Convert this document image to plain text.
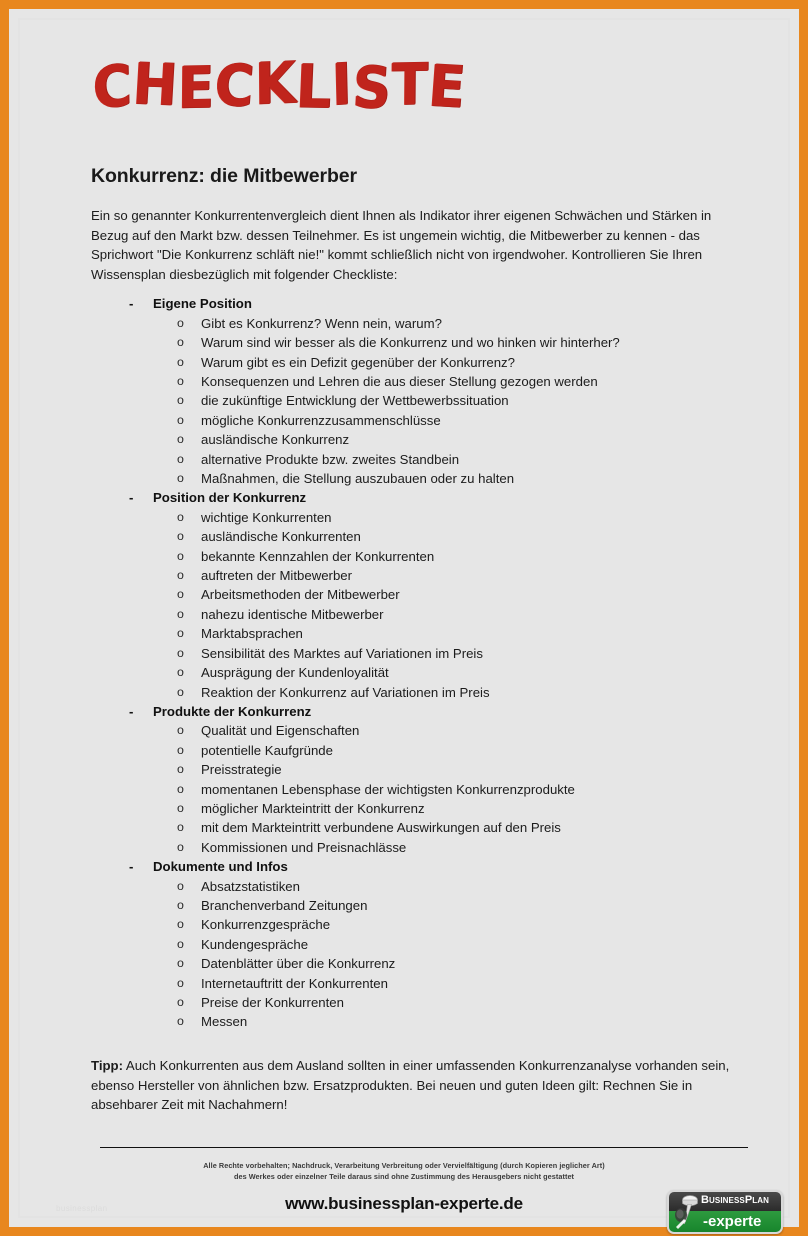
CHECKLISTE
Konkurrenz: die Mitbewerber

Ein so genannter Konkurrentenvergleich dient Ihnen als Indikator ihrer eigenen Schwächen und Stärken in Bezug auf den Markt bzw. dessen Teilnehmer. Es ist ungemein wichtig, die Mitbewerber zu kennen - das Sprichwort "Die Konkurrenz schläft nie!" kommt schließlich nicht von irgendwoher. Kontrollieren Sie Ihren Wissensplan diesbezüglich mit folgender Checkliste:

- Eigene Position
o Gibt es Konkurrenz? Wenn nein, warum?
o Warum sind wir besser als die Konkurrenz und wo hinken wir hinterher?
o Warum gibt es ein Defizit gegenüber der Konkurrenz?
o Konsequenzen und Lehren die aus dieser Stellung gezogen werden
o die zukünftige Entwicklung der Wettbewerbssituation
o mögliche Konkurrenzzusammenschlüsse
o ausländische Konkurrenz
o alternative Produkte bzw. zweites Standbein
o Maßnahmen, die Stellung auszubauen oder zu halten
- Position der Konkurrenz
o wichtige Konkurrenten
o ausländische Konkurrenten
o bekannte Kennzahlen der Konkurrenten
o auftreten der Mitbewerber
o Arbeitsmethoden der Mitbewerber
o nahezu identische Mitbewerber
o Marktabsprachen
o Sensibilität des Marktes auf Variationen im Preis
o Ausprägung der Kundenloyalität
o Reaktion der Konkurrenz auf Variationen im Preis
- Produkte der Konkurrenz
o Qualität und Eigenschaften
o potentielle Kaufgründe
o Preisstrategie
o momentanen Lebensphase der wichtigsten Konkurrenzprodukte
o möglicher Markteintritt der Konkurrenz
o mit dem Markteintritt verbundene Auswirkungen auf den Preis
o Kommissionen und Preisnachlässe
- Dokumente und Infos
o Absatzstatistiken
o Branchenverband Zeitungen
o Konkurrenzgespräche
o Kundengespräche
o Datenblätter über die Konkurrenz
o Internetauftritt der Konkurrenten
o Preise der Konkurrenten
o Messen
Tipp: Auch Konkurrenten aus dem Ausland sollten in einer umfassenden Konkurrenzanalyse vorhanden sein, ebenso Hersteller von ähnlichen bzw. Ersatzprodukten. Bei neuen und guten Ideen gilt: Rechnen Sie in absehbarer Zeit mit Nachahmern!
Alle Rechte vorbehalten; Nachdruck, Verarbeitung Verbreitung oder Vervielfältigung (durch Kopieren jeglicher Art)
des Werkes oder einzelner Teile daraus sind ohne Zustimmung des Herausgebers nicht gestattet
www.businessplan-experte.de
businessplan
BusinessPlan
-experte
